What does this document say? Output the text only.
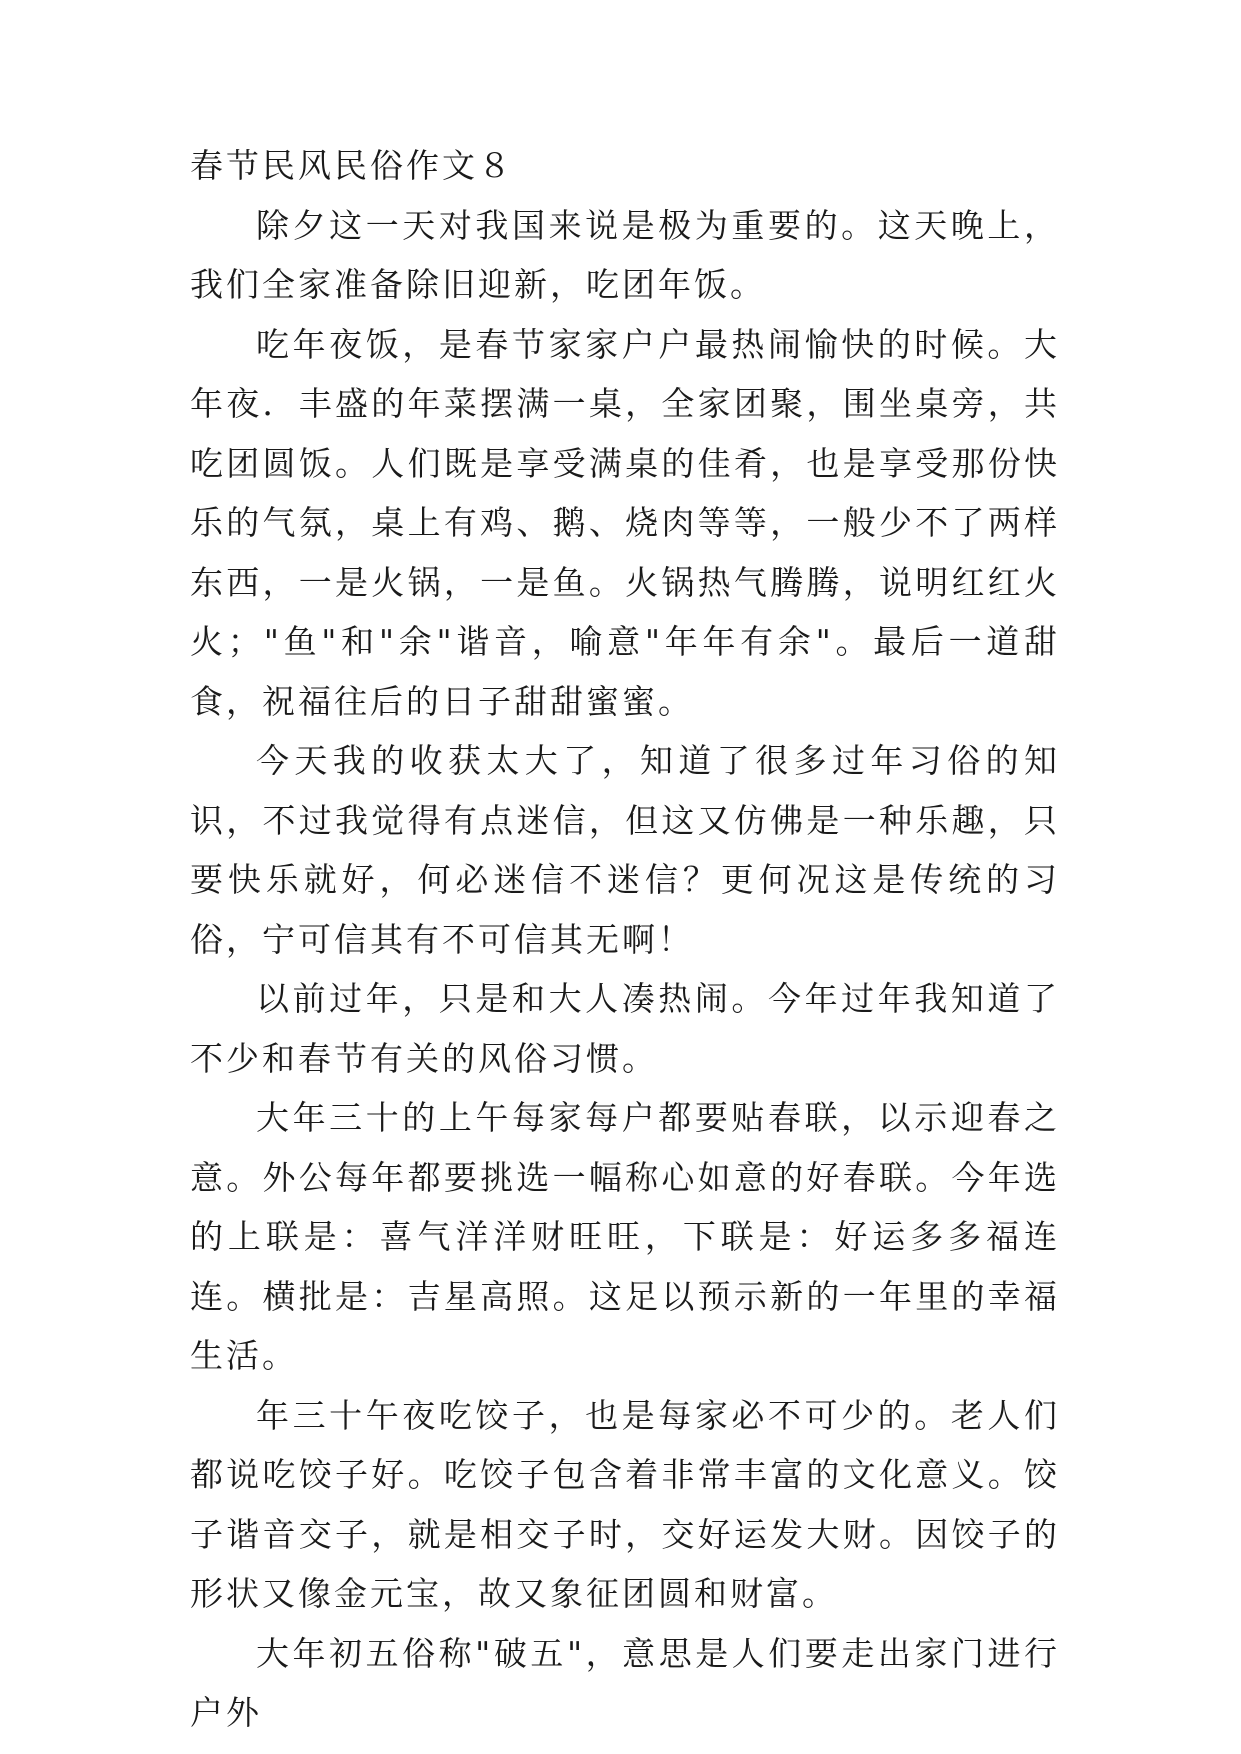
春节民风民俗作文８

除夕这一天对我国来说是极为重要的。这天晚上，我们全家准备除旧迎新，吃团年饭。

吃年夜饭，是春节家家户户最热闹愉快的时候。大年夜．丰盛的年菜摆满一桌，全家团聚，围坐桌旁，共吃团圆饭。人们既是享受满桌的佳肴，也是享受那份快乐的气氛，桌上有鸡、鹅、烧肉等等，一般少不了两样东西，一是火锅，一是鱼。火锅热气腾腾，说明红红火火；"鱼"和"余"谐音，喻意"年年有余"。最后一道甜食，祝福往后的日子甜甜蜜蜜。

今天我的收获太大了，知道了很多过年习俗的知识，不过我觉得有点迷信，但这又仿佛是一种乐趣，只要快乐就好，何必迷信不迷信？更何况这是传统的习俗，宁可信其有不可信其无啊！

以前过年，只是和大人凑热闹。今年过年我知道了不少和春节有关的风俗习惯。

大年三十的上午每家每户都要贴春联，以示迎春之意。外公每年都要挑选一幅称心如意的好春联。今年选的上联是：喜气洋洋财旺旺，下联是：好运多多福连连。横批是：吉星高照。这足以预示新的一年里的幸福生活。

年三十午夜吃饺子，也是每家必不可少的。老人们都说吃饺子好。吃饺子包含着非常丰富的文化意义。饺子谐音交子，就是相交子时，交好运发大财。因饺子的形状又像金元宝，故又象征团圆和财富。

大年初五俗称"破五"，意思是人们要走出家门进行户外
